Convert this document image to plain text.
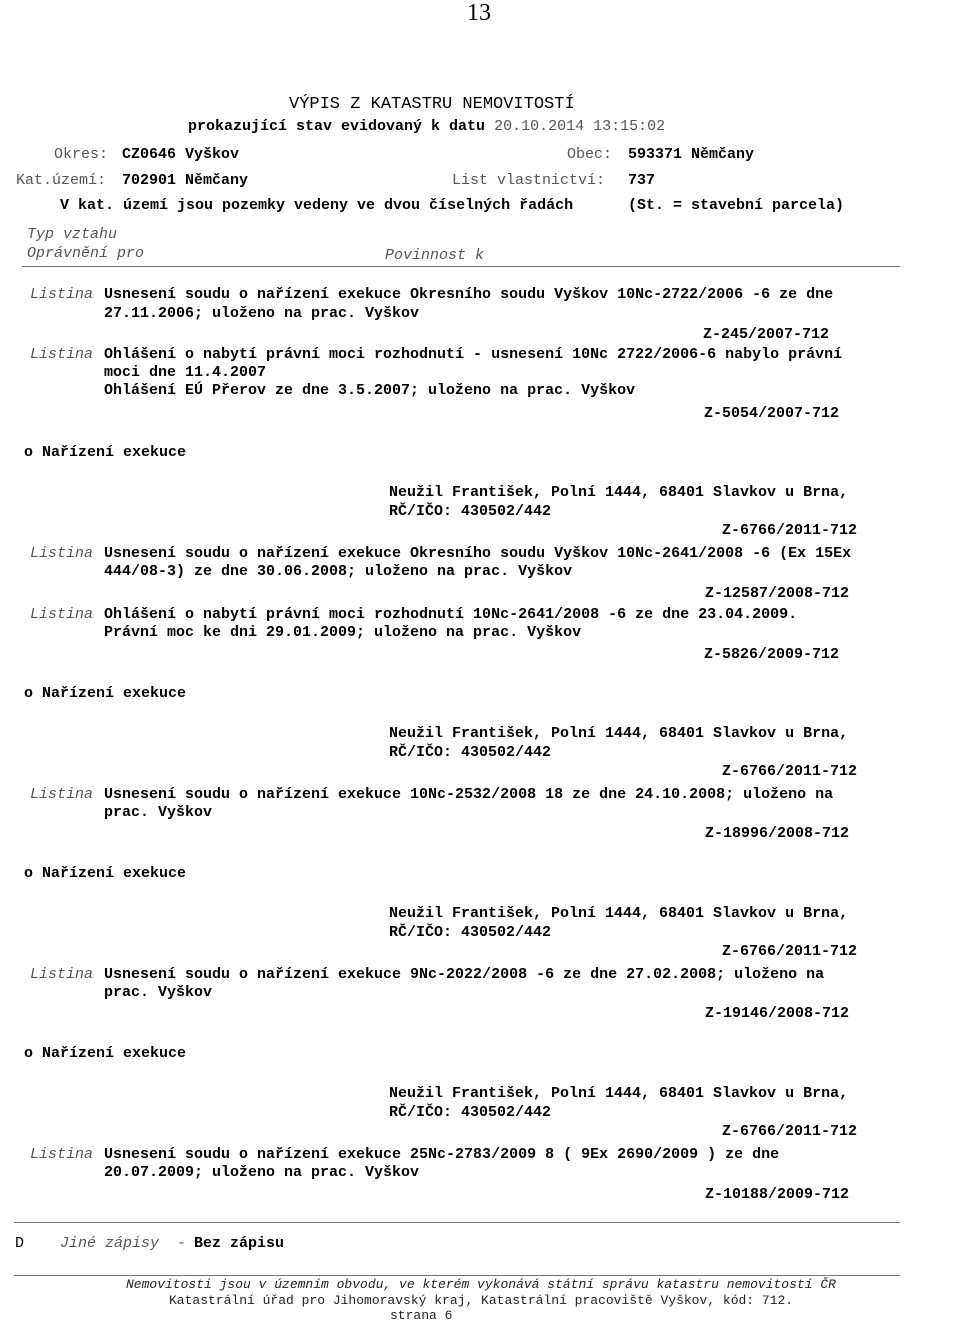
13
VÝPIS Z KATASTRU NEMOVITOSTÍ
prokazující stav evidovaný k datu 20.10.2014 13:15:02
Okres: CZ0646 Vyškov	Obec: 593371 Němčany
Kat.území: 702901 Němčany	List vlastnictví: 737
V kat. území jsou pozemky vedeny ve dvou číselných řadách	(St. = stavební parcela)
Typ vztahu
Oprávnění pro	Povinnost k
Listina Usnesení soudu o nařízení exekuce Okresního soudu Vyškov 10Nc-2722/2006 -6 ze dne
27.11.2006; uloženo na prac. Vyškov
Z-245/2007-712
Listina Ohlášení o nabytí právní moci rozhodnutí - usnesení 10Nc 2722/2006-6 nabylo právní
moci dne 11.4.2007
Ohlášení EÚ Přerov ze dne 3.5.2007; uloženo na prac. Vyškov
Z-5054/2007-712
o Nařízení exekuce
Neužil František, Polní 1444, 68401 Slavkov u Brna,
RČ/IČO: 430502/442
Z-6766/2011-712
Listina Usnesení soudu o nařízení exekuce Okresního soudu Vyškov 10Nc-2641/2008 -6 (Ex 15Ex
444/08-3) ze dne 30.06.2008; uloženo na prac. Vyškov
Z-12587/2008-712
Listina Ohlášení o nabytí právní moci rozhodnutí 10Nc-2641/2008 -6 ze dne 23.04.2009.
Právní moc ke dni 29.01.2009; uloženo na prac. Vyškov
Z-5826/2009-712
o Nařízení exekuce
Neužil František, Polní 1444, 68401 Slavkov u Brna,
RČ/IČO: 430502/442
Z-6766/2011-712
Listina Usnesení soudu o nařízení exekuce 10Nc-2532/2008 18 ze dne 24.10.2008; uloženo na
prac. Vyškov
Z-18996/2008-712
o Nařízení exekuce
Neužil František, Polní 1444, 68401 Slavkov u Brna,
RČ/IČO: 430502/442
Z-6766/2011-712
Listina Usnesení soudu o nařízení exekuce 9Nc-2022/2008 -6 ze dne 27.02.2008; uloženo na
prac. Vyškov
Z-19146/2008-712
o Nařízení exekuce
Neužil František, Polní 1444, 68401 Slavkov u Brna,
RČ/IČO: 430502/442
Z-6766/2011-712
Listina Usnesení soudu o nařízení exekuce 25Nc-2783/2009 8 ( 9Ex 2690/2009 ) ze dne
20.07.2009; uloženo na prac. Vyškov
Z-10188/2009-712
D Jiné zápisy - Bez zápisu
Nemovitosti jsou v územním obvodu, ve kterém vykonává státní správu katastru nemovitostí ČR
Katastrální úřad pro Jihomoravský kraj, Katastrální pracoviště Vyškov, kód: 712.
strana 6
